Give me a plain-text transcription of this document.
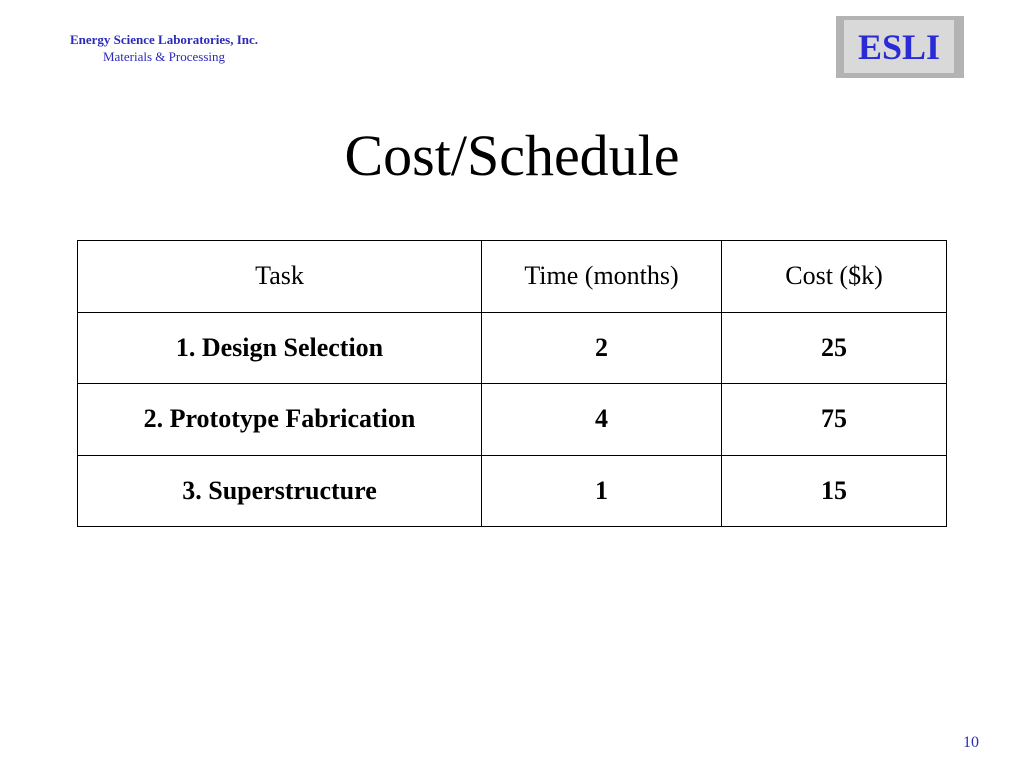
Energy Science Laboratories, Inc.
Materials & Processing	ESLI
Cost/Schedule
Task	Time (months)	Cost ($k)
1. Design Selection	2	25
2. Prototype Fabrication	4	75
3. Superstructure	1	15
10
